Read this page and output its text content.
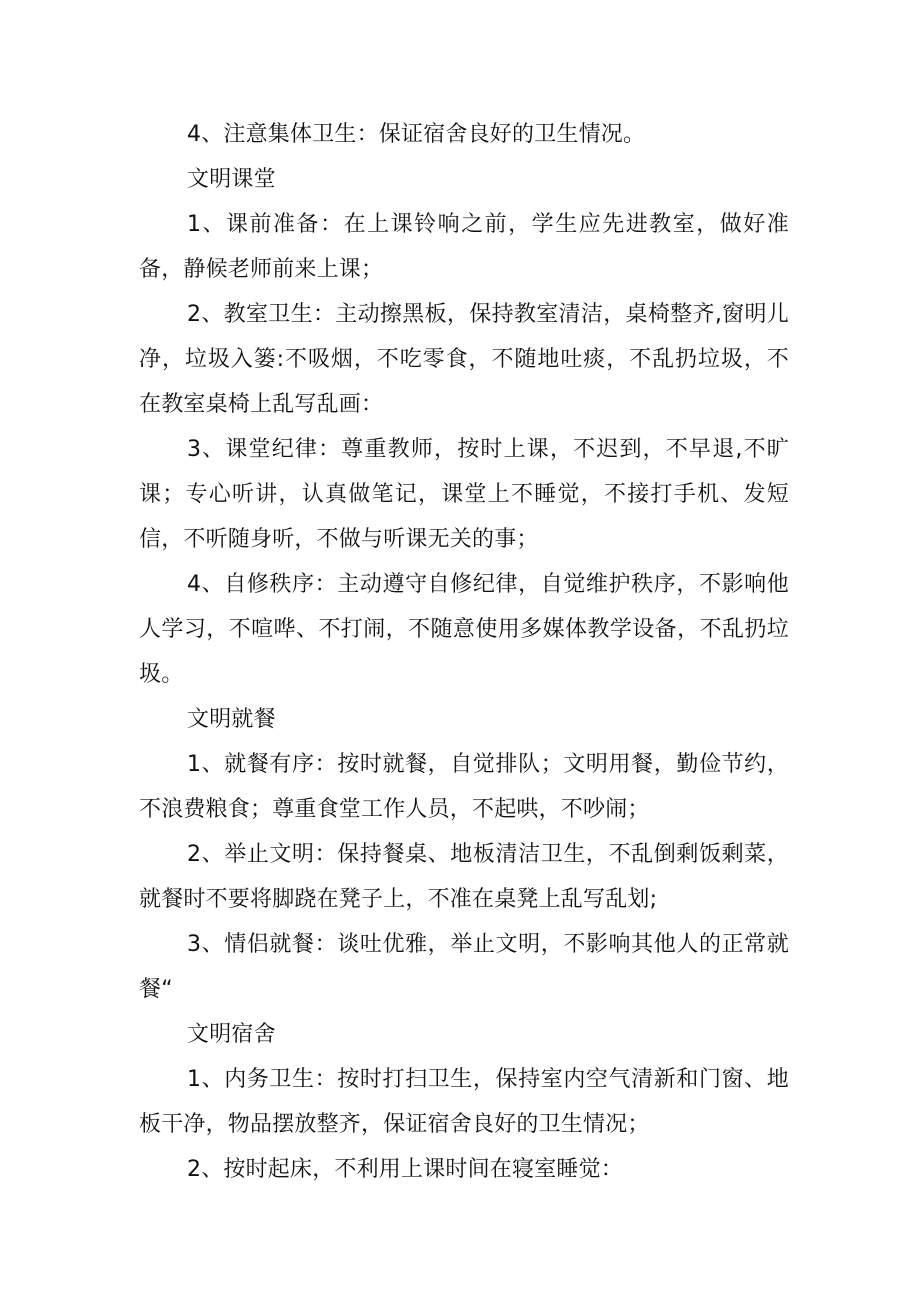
4、注意集体卫生：保证宿舍良好的卫生情况。

文明课堂

1、课前准备：在上课铃响之前，学生应先进教室，做好准备，静候老师前来上课；

2、教室卫生：主动擦黑板，保持教室清洁，桌椅整齐,窗明儿净，垃圾入篓:不吸烟，不吃零食，不随地吐痰，不乱扔垃圾，不在教室桌椅上乱写乱画：

3、课堂纪律：尊重教师，按时上课，不迟到，不早退,不旷课；专心听讲，认真做笔记，课堂上不睡觉，不接打手机、发短信，不听随身听，不做与听课无关的事；

4、自修秩序：主动遵守自修纪律，自觉维护秩序，不影响他人学习，不喧哗、不打闹，不随意使用多媒体教学设备，不乱扔垃圾。

文明就餐

1、就餐有序：按时就餐，自觉排队；文明用餐，勤俭节约，不浪费粮食；尊重食堂工作人员，不起哄，不吵闹；

2、举止文明：保持餐桌、地板清洁卫生，不乱倒剩饭剩菜，就餐时不要将脚跷在凳子上，不准在桌凳上乱写乱划;

3、情侣就餐：谈吐优雅，举止文明，不影响其他人的正常就餐“

文明宿舍

1、内务卫生：按时打扫卫生，保持室内空气清新和门窗、地板干净，物品摆放整齐，保证宿舍良好的卫生情况；

2、按时起床，不利用上课时间在寝室睡觉：
